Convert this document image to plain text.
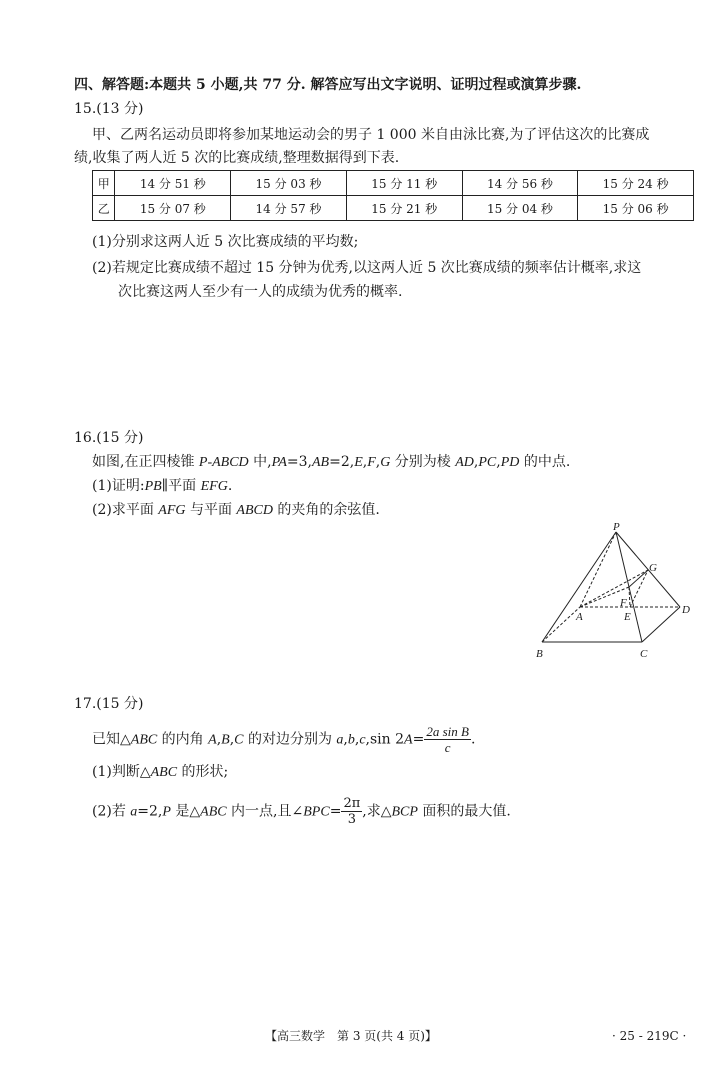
四、解答题:本题共 5 小题,共 77 分. 解答应写出文字说明、证明过程或演算步骤.
15.(13 分)
甲、乙两名运动员即将参加某地运动会的男子 1 000 米自由泳比赛,为了评估这次的比赛成
绩,收集了两人近 5 次的比赛成绩,整理数据得到下表.
甲	14 分 51 秒	15 分 03 秒	15 分 11 秒	14 分 56 秒	15 分 24 秒
乙	15 分 07 秒	14 分 57 秒	15 分 21 秒	15 分 04 秒	15 分 06 秒
(1)分别求这两人近 5 次比赛成绩的平均数;
(2)若规定比赛成绩不超过 15 分钟为优秀,以这两人近 5 次比赛成绩的频率估计概率,求这
次比赛这两人至少有一人的成绩为优秀的概率.
16.(15 分)
如图,在正四棱锥 P-ABCD 中,PA=3,AB=2,E,F,G 分别为棱 AD,PC,PD 的中点.
(1)证明:PB∥平面 EFG.
(2)求平面 AFG 与平面 ABCD 的夹角的余弦值.
P
G
F
A	E
D
B	C
17.(15 分)
已知△ABC 的内角 A,B,C 的对边分别为 a,b,c,sin $2A= \frac{\text{2a sin B}}{c}$ .
(1)判断△ABC 的形状;
(2)若 a=2,P 是△ABC 内一点,且∠BPC= $\frac{2\pi}{3}$ ,求△BCP 面积的最大值.
【高三数学　第 3 页(共 4 页)】	· 25 - 219C ·
